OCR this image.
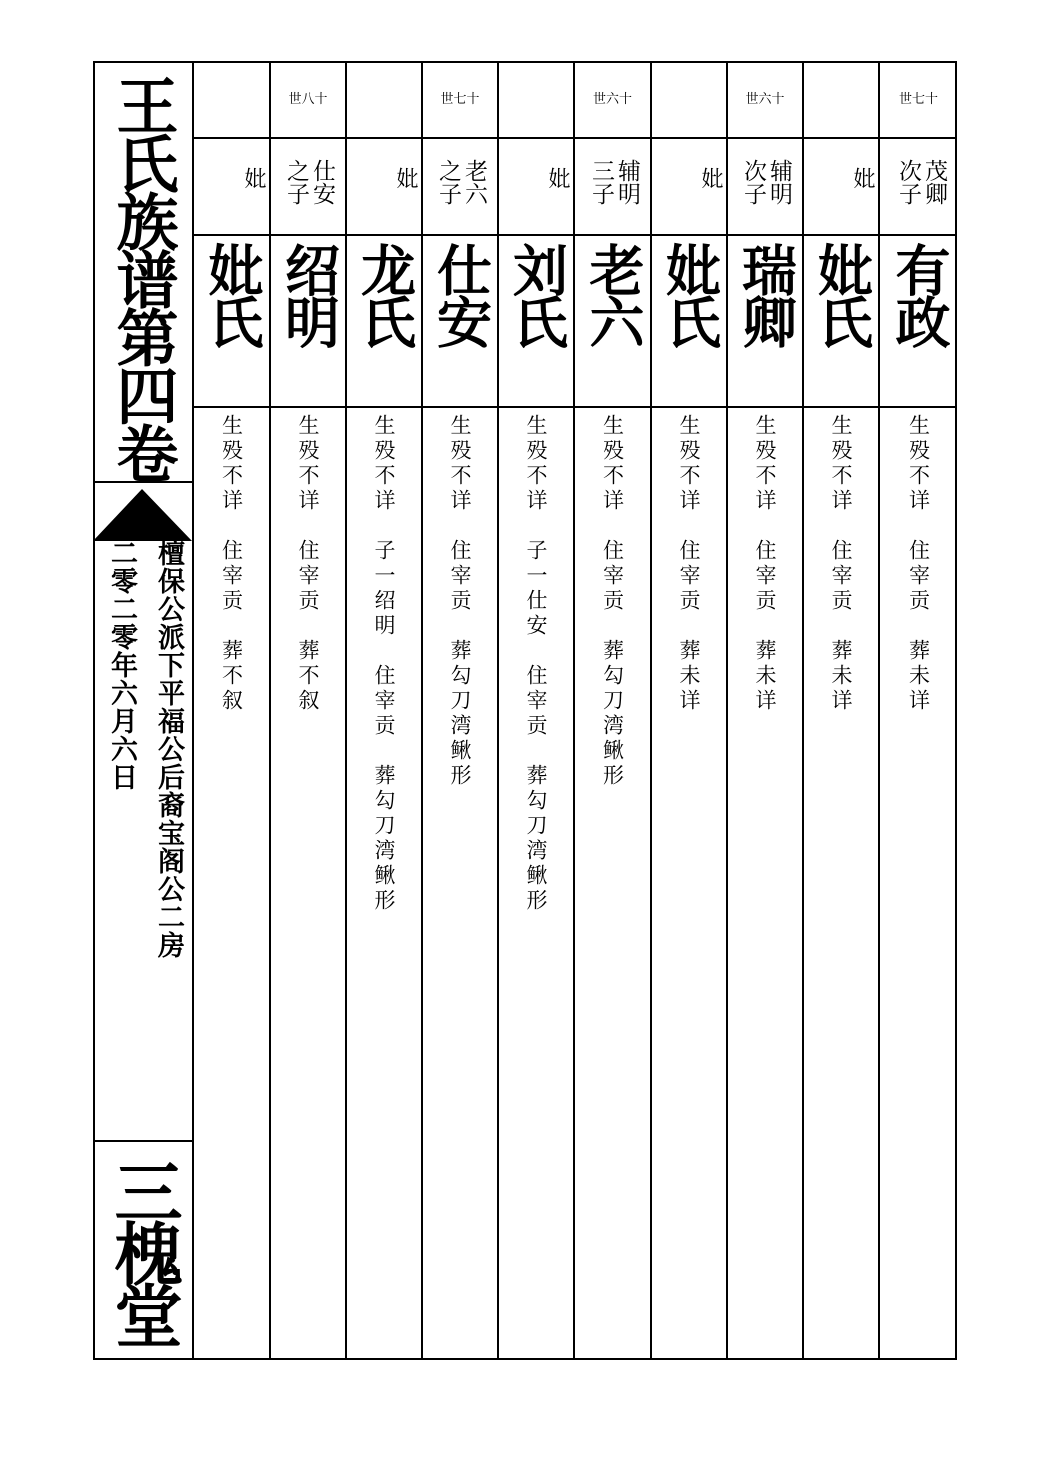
王氏族谱第四卷
檀保公派下平福公后裔宝阁公二房
二零二零年六月六日
三槐堂
妣
妣氏
生殁不详　住宰贡　葬不叙
世八十
仕安之子
绍明
生殁不详　住宰贡　葬不叙
妣
龙氏
生殁不详　子一绍明　住宰贡　葬勾刀湾鳅形
世七十
老六之子
仕安
生殁不详　住宰贡　葬勾刀湾鳅形
妣
刘氏
生殁不详　子一仕安　住宰贡　葬勾刀湾鳅形
世六十
辅明三子
老六
生殁不详　住宰贡　葬勾刀湾鳅形
妣
妣氏
生殁不详　住宰贡　葬未详
世六十
辅明次子
瑞卿
生殁不详　住宰贡　葬未详
妣
妣氏
生殁不详　住宰贡　葬未详
世七十
茂卿次子
有政
生殁不详　住宰贡　葬未详
